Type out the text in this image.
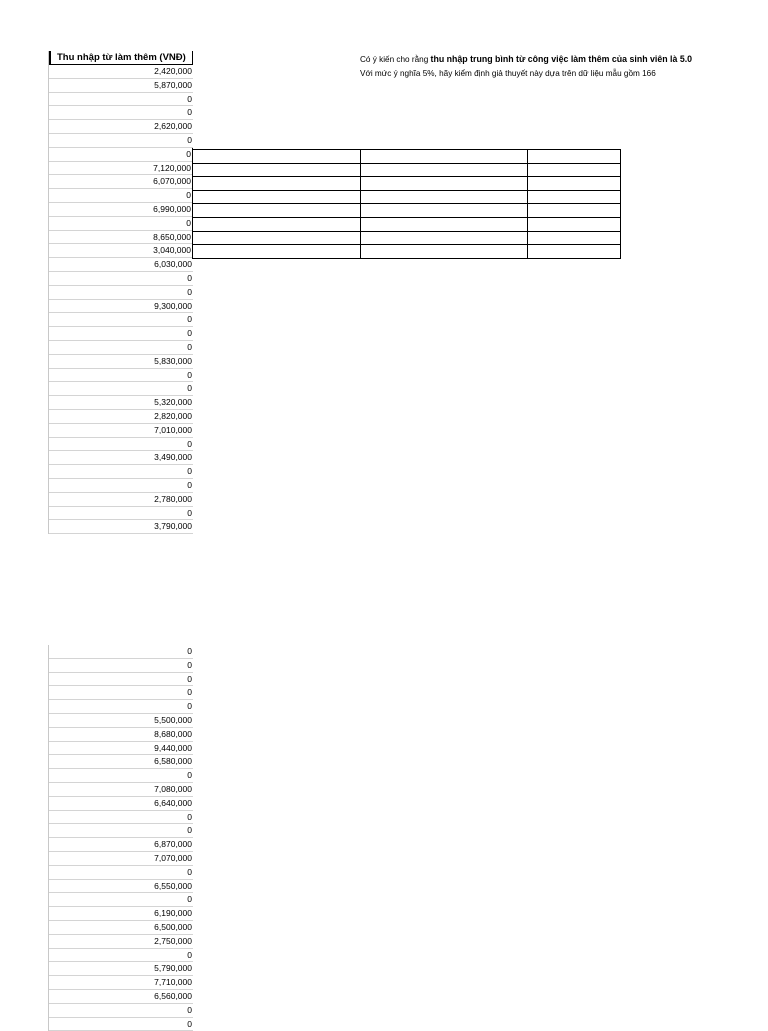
Thu nhập từ làm thêm (VNĐ)
2,420,000
5,870,000
0
0
2,620,000
0
0
7,120,000
6,070,000
0
6,990,000
0
8,650,000
3,040,000
6,030,000
0
0
9,300,000
0
0
0
5,830,000
0
0
5,320,000
2,820,000
7,010,000
0
3,490,000
0
0
2,780,000
0
3,790,000
0
0
0
0
0
5,500,000
8,680,000
9,440,000
6,580,000
0
7,080,000
6,640,000
0
0
6,870,000
7,070,000
0
6,550,000
0
6,190,000
6,500,000
2,750,000
0
5,790,000
7,710,000
6,560,000
0
0
Có ý kiến cho rằng thu nhập trung bình từ công việc làm thêm của sinh viên là 5.0
Với mức ý nghĩa 5%, hãy kiểm định giả thuyết này dựa trên dữ liệu mẫu gồm 166
